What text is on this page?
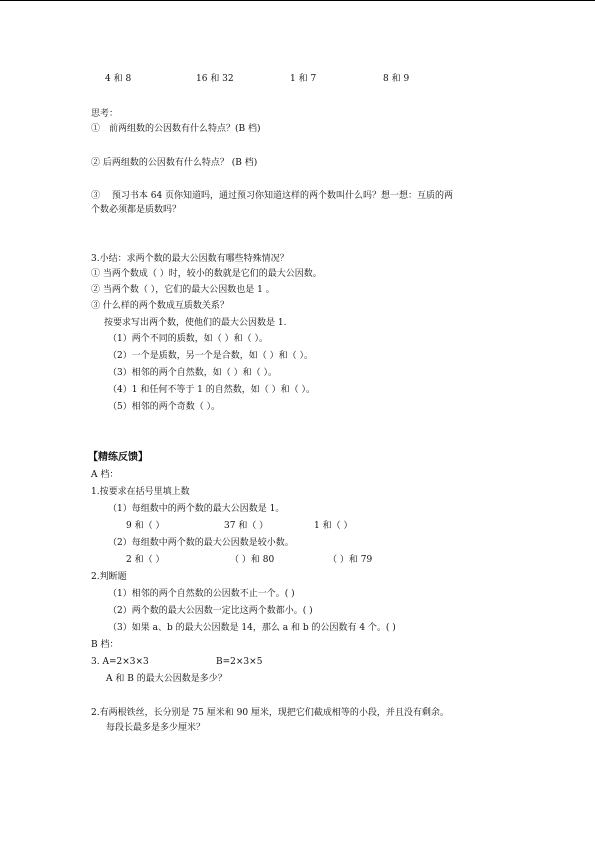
4 和 8	16 和 32	1 和 7	8 和 9
思考：
①　前两组数的公因数有什么特点？(B 档)
② 后两组数的公因数有什么特点？ (B 档)
③　 预习书本 64 页你知道吗，通过预习你知道这样的两个数叫什么吗？想一想：互质的两
个数必须都是质数吗？
3.小结：求两个数的最大公因数有哪些特殊情况？
① 当两个数成（ ）时，较小的数就是它们的最大公因数。
② 当两个数（ ），它们的最大公因数也是 1 。
③ 什么样的两个数成互质数关系？
按要求写出两个数，使他们的最大公因数是 1.
（1）两个不同的质数，如（ ）和（ ）。
（2）一个是质数，另一个是合数，如（ ）和（ ）。
（3）相邻的两个自然数，如（ ）和（ ）。
（4）1 和任何不等于 1 的自然数，如（ ）和（ ）。
（5）相邻的两个奇数（ ）。
【精练反馈】
A 档：
1.按要求在括号里填上数
（1）每组数中的两个数的最大公因数是 1。
9 和（ ）	37 和（ ）	1 和（ ）
（2）每组数中两个数的最大公因数是较小数。
2 和（ ）	（ ）和 80	（ ）和 79
2.判断题
（1）相邻的两个自然数的公因数不止一个。( )
（2）两个数的最大公因数一定比这两个数都小。( )
（3）如果 a、b 的最大公因数是 14，那么 a 和 b 的公因数有 4 个。( )
B 档：
3. A=2×3×3	B=2×3×5
A 和 B 的最大公因数是多少？
2.有两根铁丝，长分别是 75 厘米和 90 厘米，现把它们截成相等的小段，并且没有剩余。
每段长最多是多少厘米？
